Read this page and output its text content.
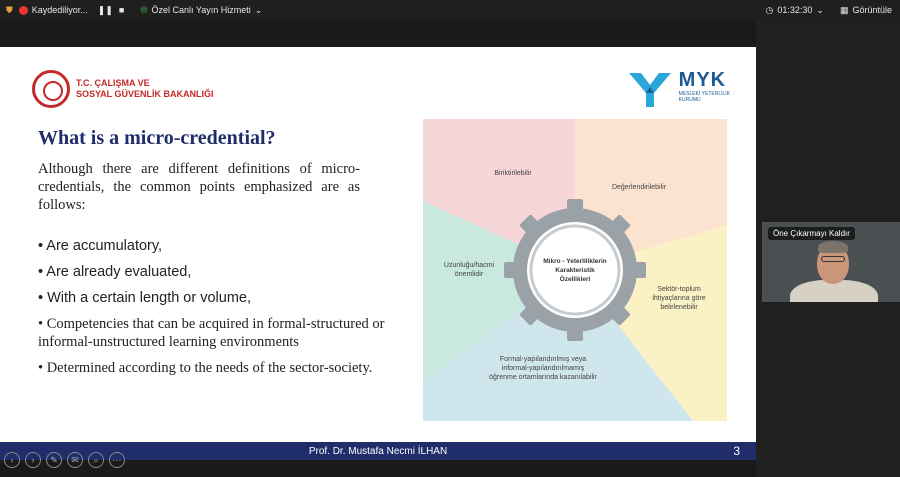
⛊ Kaydediliyor... ❚❚ ■ ⦾ Özel Canlı Yayın Hizmeti ⌄	◷ 01:32:30 ⌄ ▦ Görüntüle
T.C. ÇALIŞMA VE
SOSYAL GÜVENLİK BAKANLIĞI
MYK
MESLEKİ YETERLİLİK
KURUMU
What is a micro-credential?
Although there are different definitions of micro-credentials, the common points emphasized are as follows:
• Are accumulatory,
• Are already evaluated,
• With a certain length or volume,
• Competencies that can be acquired in formal-structured or informal-unstructured learning environments
• Determined according to the needs of the sector-society.
Mikro - Yeterliliklerin
Karakteristik
Özellikleri
Biriktirilebilir
Değerlendirilebilir
Sektör-toplum
ihtiyaçlarına göre
belirlenebilir
Formal-yapılandırılmış veya
informal-yapılandırılmamış
öğrenme ortamlarında kazanılabilir
Uzunluğu/hacmi
önemlidir
Prof. Dr. Mustafa Necmi İLHAN	3
Öne Çıkarmayı Kaldır
‹	›	✎	✉	⌕	⋯
